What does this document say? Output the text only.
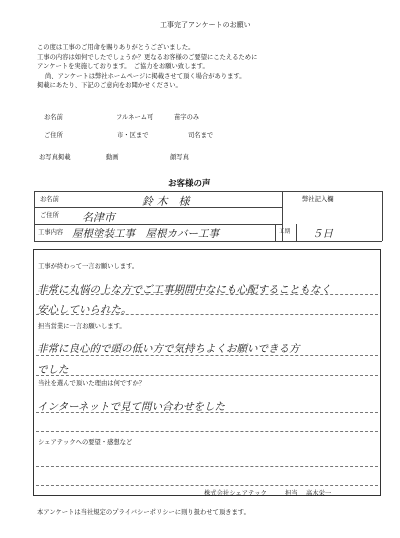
工事完了アンケートのお願い
この度は工事のご用命を賜りありがとうございました。
工事の内容は如何でしたでしょうか？更なるお客様のご要望にこたえるために
アンケートを実施しております。　ご協力をお願い致します。
尚、アンケートは弊社ホームページに掲載させて頂く場合があります。
掲載にあたり、下記のご意向をお聞かせください。
お名前	フルネーム可	苗字のみ
ご住所	市・区まで	司名まで
お写真掲載	動画	顔写真
お客様の声
お名前	鈴 木　様	弊社記入欄
ご住所 名津市
工事内容 屋根塗装工事　屋根カバー工事	工期 ５日
工事が終わって一言お願いします。
非常に丸悩の上な方でご工事期間中なにも心配することもなく
安心していられた。
担当営業に一言お願いします。
非常に良心的で頭の低い方で気持ちよくお願いできる方
でした
当社を選んで頂いた理由は何ですか？
インターネットで見て問い合わせをした
シェアテックへの要望・感想など
株式会社シェアテック	担当 高木栄一
本アンケートは当社規定のプライバシーポリシーに則り扱わせて頂きます。
